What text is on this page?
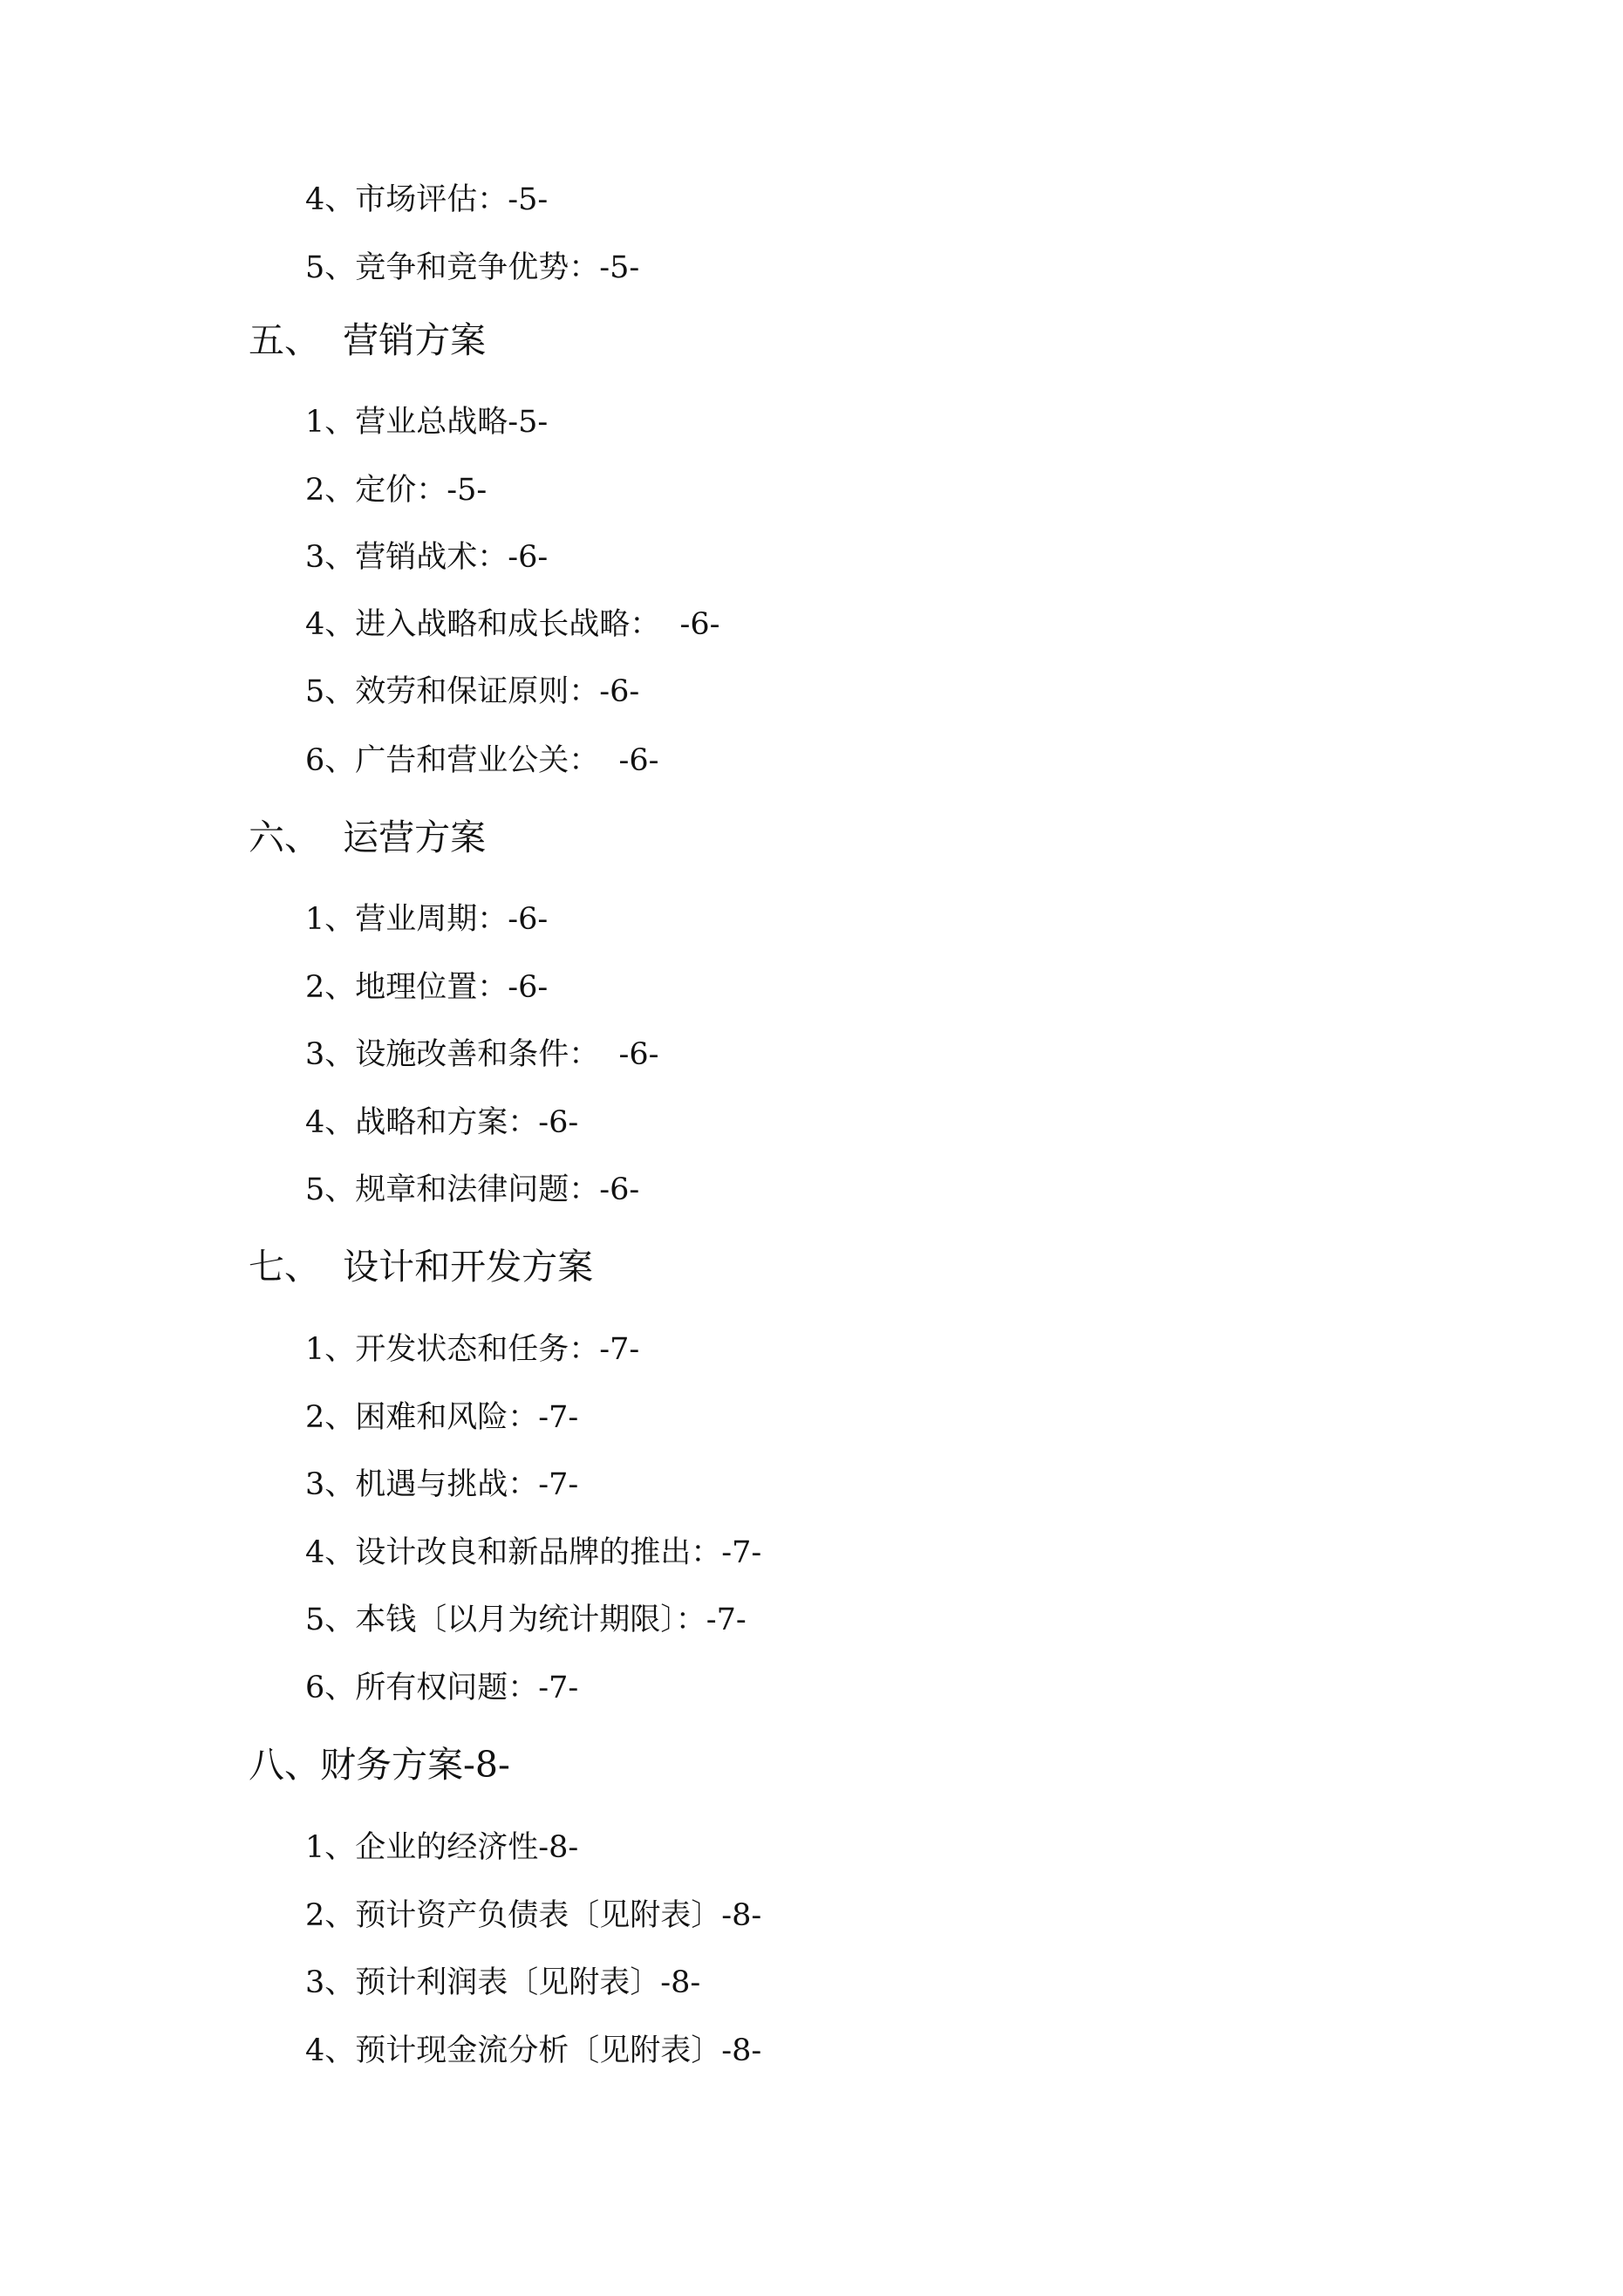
4、市场评估：-5-
5、竞争和竞争优势：-5-
五、  营销方案
1、营业总战略-5-
2、定价：-5-
3、营销战术：-6-
4、进入战略和成长战略：  -6-
5、效劳和保证原则：-6-
6、广告和营业公关：  -6-
六、  运营方案
1、营业周期：-6-
2、地理位置：-6-
3、设施改善和条件：  -6-
4、战略和方案：-6-
5、规章和法律问题：-6-
七、  设计和开发方案
1、开发状态和任务：-7-
2、困难和风险：-7-
3、机遇与挑战：-7-
4、设计改良和新品牌的推出：-7-
5、本钱〔以月为统计期限〕：-7-
6、所有权问题：-7-
八、财务方案-8-
1、企业的经济性-8-
2、预计资产负债表〔见附表〕-8-
3、预计利润表〔见附表〕-8-
4、预计现金流分析〔见附表〕-8-
